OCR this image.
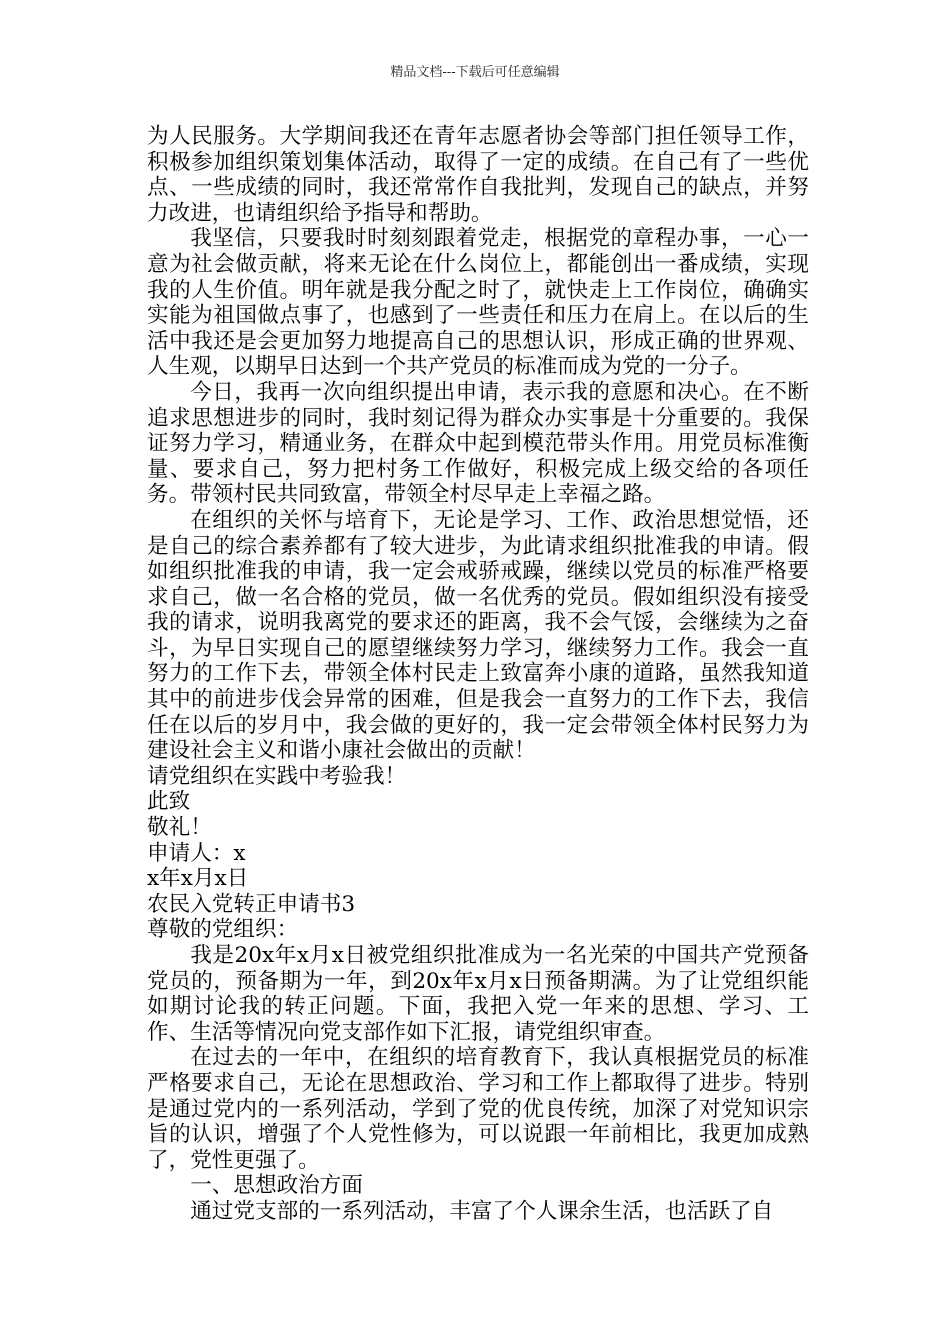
精品文档---下载后可任意编辑

为人民服务。大学期间我还在青年志愿者协会等部门担任领导工作，积极参加组织策划集体活动，取得了一定的成绩。在自己有了一些优点、一些成绩的同时，我还常常作自我批判，发现自己的缺点，并努力改进，也请组织给予指导和帮助。

我坚信，只要我时时刻刻跟着党走，根据党的章程办事，一心一意为社会做贡献，将来无论在什么岗位上，都能创出一番成绩，实现我的人生价值。明年就是我分配之时了，就快走上工作岗位，确确实实能为祖国做点事了，也感到了一些责任和压力在肩上。在以后的生活中我还是会更加努力地提高自己的思想认识，形成正确的世界观、人生观，以期早日达到一个共产党员的标准而成为党的一分子。

今日，我再一次向组织提出申请，表示我的意愿和决心。在不断追求思想进步的同时，我时刻记得为群众办实事是十分重要的。我保证努力学习，精通业务，在群众中起到模范带头作用。用党员标准衡量、要求自己，努力把村务工作做好，积极完成上级交给的各项任务。带领村民共同致富，带领全村尽早走上幸福之路。

在组织的关怀与培育下，无论是学习、工作、政治思想觉悟，还是自己的综合素养都有了较大进步，为此请求组织批准我的申请。假如组织批准我的申请，我一定会戒骄戒躁，继续以党员的标准严格要求自己，做一名合格的党员，做一名优秀的党员。假如组织没有接受我的请求，说明我离党的要求还的距离，我不会气馁，会继续为之奋斗，为早日实现自己的愿望继续努力学习，继续努力工作。我会一直努力的工作下去，带领全体村民走上致富奔小康的道路，虽然我知道其中的前进步伐会异常的困难，但是我会一直努力的工作下去，我信任在以后的岁月中，我会做的更好的，我一定会带领全体村民努力为建设社会主义和谐小康社会做出的贡献！

请党组织在实践中考验我！

此致

敬礼！

申请人：x

x年x月x日

农民入党转正申请书3

尊敬的党组织：

我是20x年x月x日被党组织批准成为一名光荣的中国共产党预备党员的，预备期为一年，到20x年x月x日预备期满。为了让党组织能如期讨论我的转正问题。下面，我把入党一年来的思想、学习、工作、生活等情况向党支部作如下汇报，请党组织审查。

在过去的一年中，在组织的培育教育下，我认真根据党员的标准严格要求自己，无论在思想政治、学习和工作上都取得了进步。特别是通过党内的一系列活动，学到了党的优良传统，加深了对党知识宗旨的认识，增强了个人党性修为，可以说跟一年前相比，我更加成熟了，党性更强了。

一、思想政治方面

通过党支部的一系列活动，丰富了个人课余生活，也活跃了自
